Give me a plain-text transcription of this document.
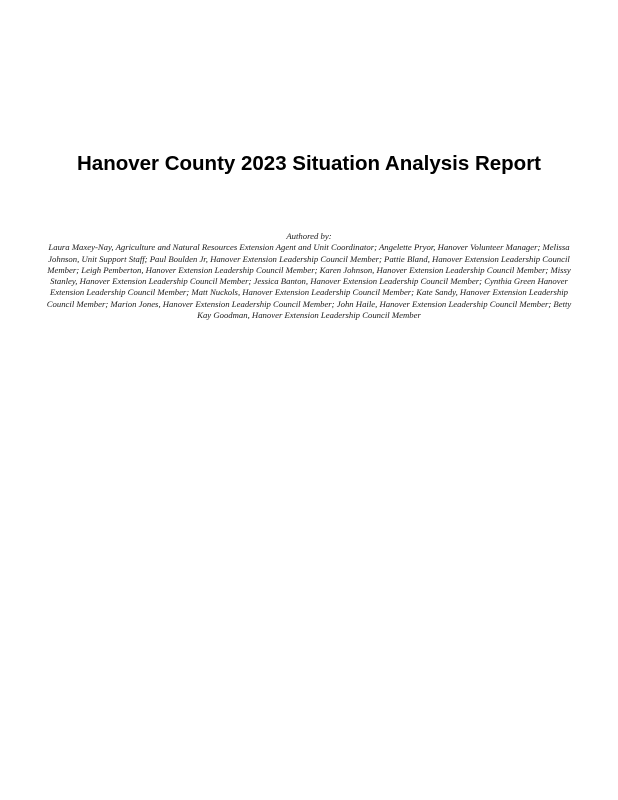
Hanover County 2023 Situation Analysis Report
Authored by:
Laura Maxey-Nay, Agriculture and Natural Resources Extension Agent and Unit Coordinator; Angelette Pryor, Hanover Volunteer Manager; Melissa Johnson, Unit Support Staff; Paul Boulden Jr, Hanover Extension Leadership Council Member; Pattie Bland, Hanover Extension Leadership Council Member; Leigh Pemberton, Hanover Extension Leadership Council Member; Karen Johnson, Hanover Extension Leadership Council Member; Missy Stanley, Hanover Extension Leadership Council Member; Jessica Banton, Hanover Extension Leadership Council Member; Cynthia Green Hanover Extension Leadership Council Member; Matt Nuckols, Hanover Extension Leadership Council Member; Kate Sandy, Hanover Extension Leadership Council Member; Marion Jones, Hanover Extension Leadership Council Member; John Haile, Hanover Extension Leadership Council Member; Betty Kay Goodman, Hanover Extension Leadership Council Member
